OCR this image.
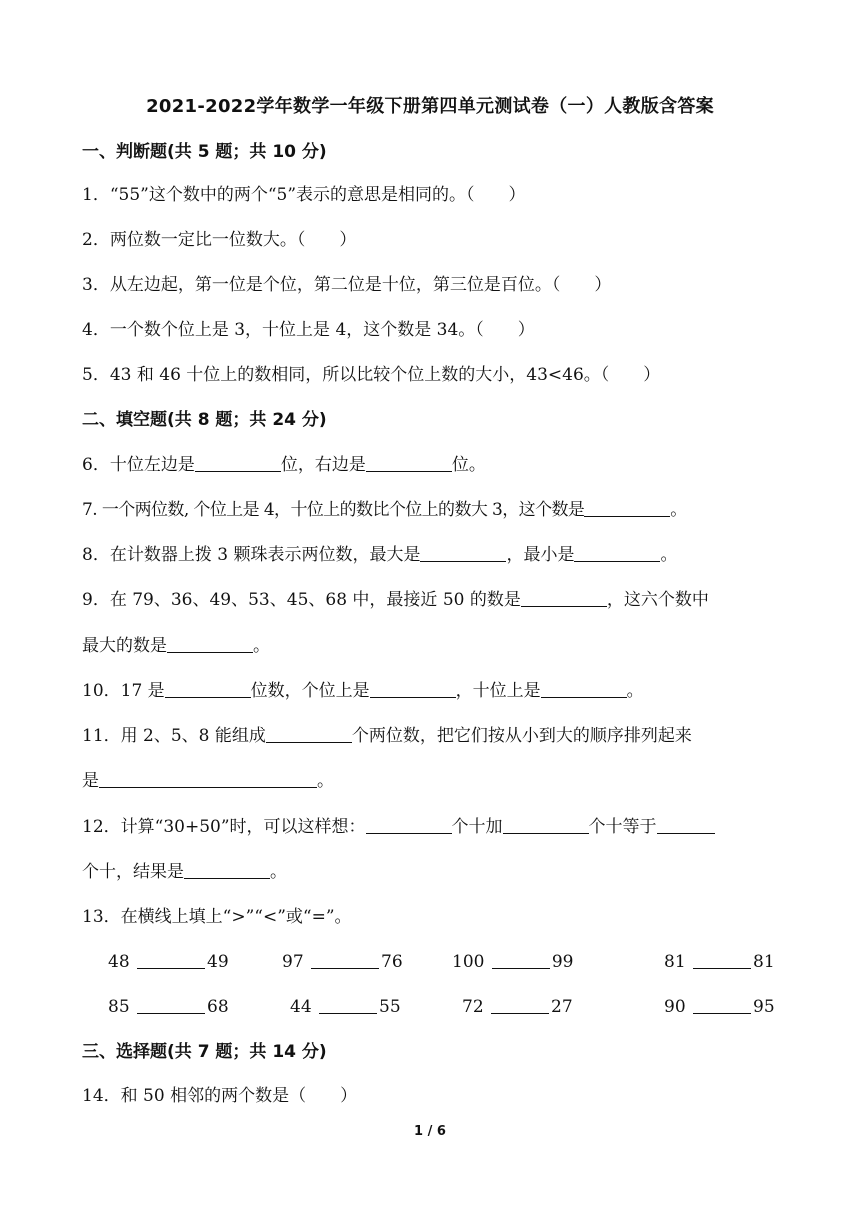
2021-2022学年数学一年级下册第四单元测试卷（一）人教版含答案
一、判断题(共 5 题；共 10 分)
1．“55”这个数中的两个“5”表示的意思是相同的。（　　）
2．两位数一定比一位数大。（　　）
3．从左边起，第一位是个位，第二位是十位，第三位是百位。（　　）
4．一个数个位上是 3，十位上是 4，这个数是 34。（　　）
5．43 和 46 十位上的数相同，所以比较个位上数的大小，43<46。（　　）
二、填空题(共 8 题；共 24 分)
6．十位左边是	位，右边是	位。
7. 一个两位数, 个位上是 4，十位上的数比个位上的数大 3，这个数是	。
8．在计数器上拨 3 颗珠表示两位数，最大是	，最小是	。
9．在 79、36、49、53、45、68 中，最接近 50 的数是	，这六个数中
最大的数是	。
10．17 是	位数，个位上是	，十位上是	。
11．用 2、5、8 能组成	个两位数，把它们按从小到大的顺序排列起来
是	。
12．计算“30+50”时，可以这样想：	个十加	个十等于
个十，结果是	。
13．在横线上填上“>”“<”或“=”。
48	49	97	76	100	99	81	81
85	68	44	55	72	27	90	95
三、选择题(共 7 题；共 14 分)
14．和 50 相邻的两个数是（　　）
1 / 6
